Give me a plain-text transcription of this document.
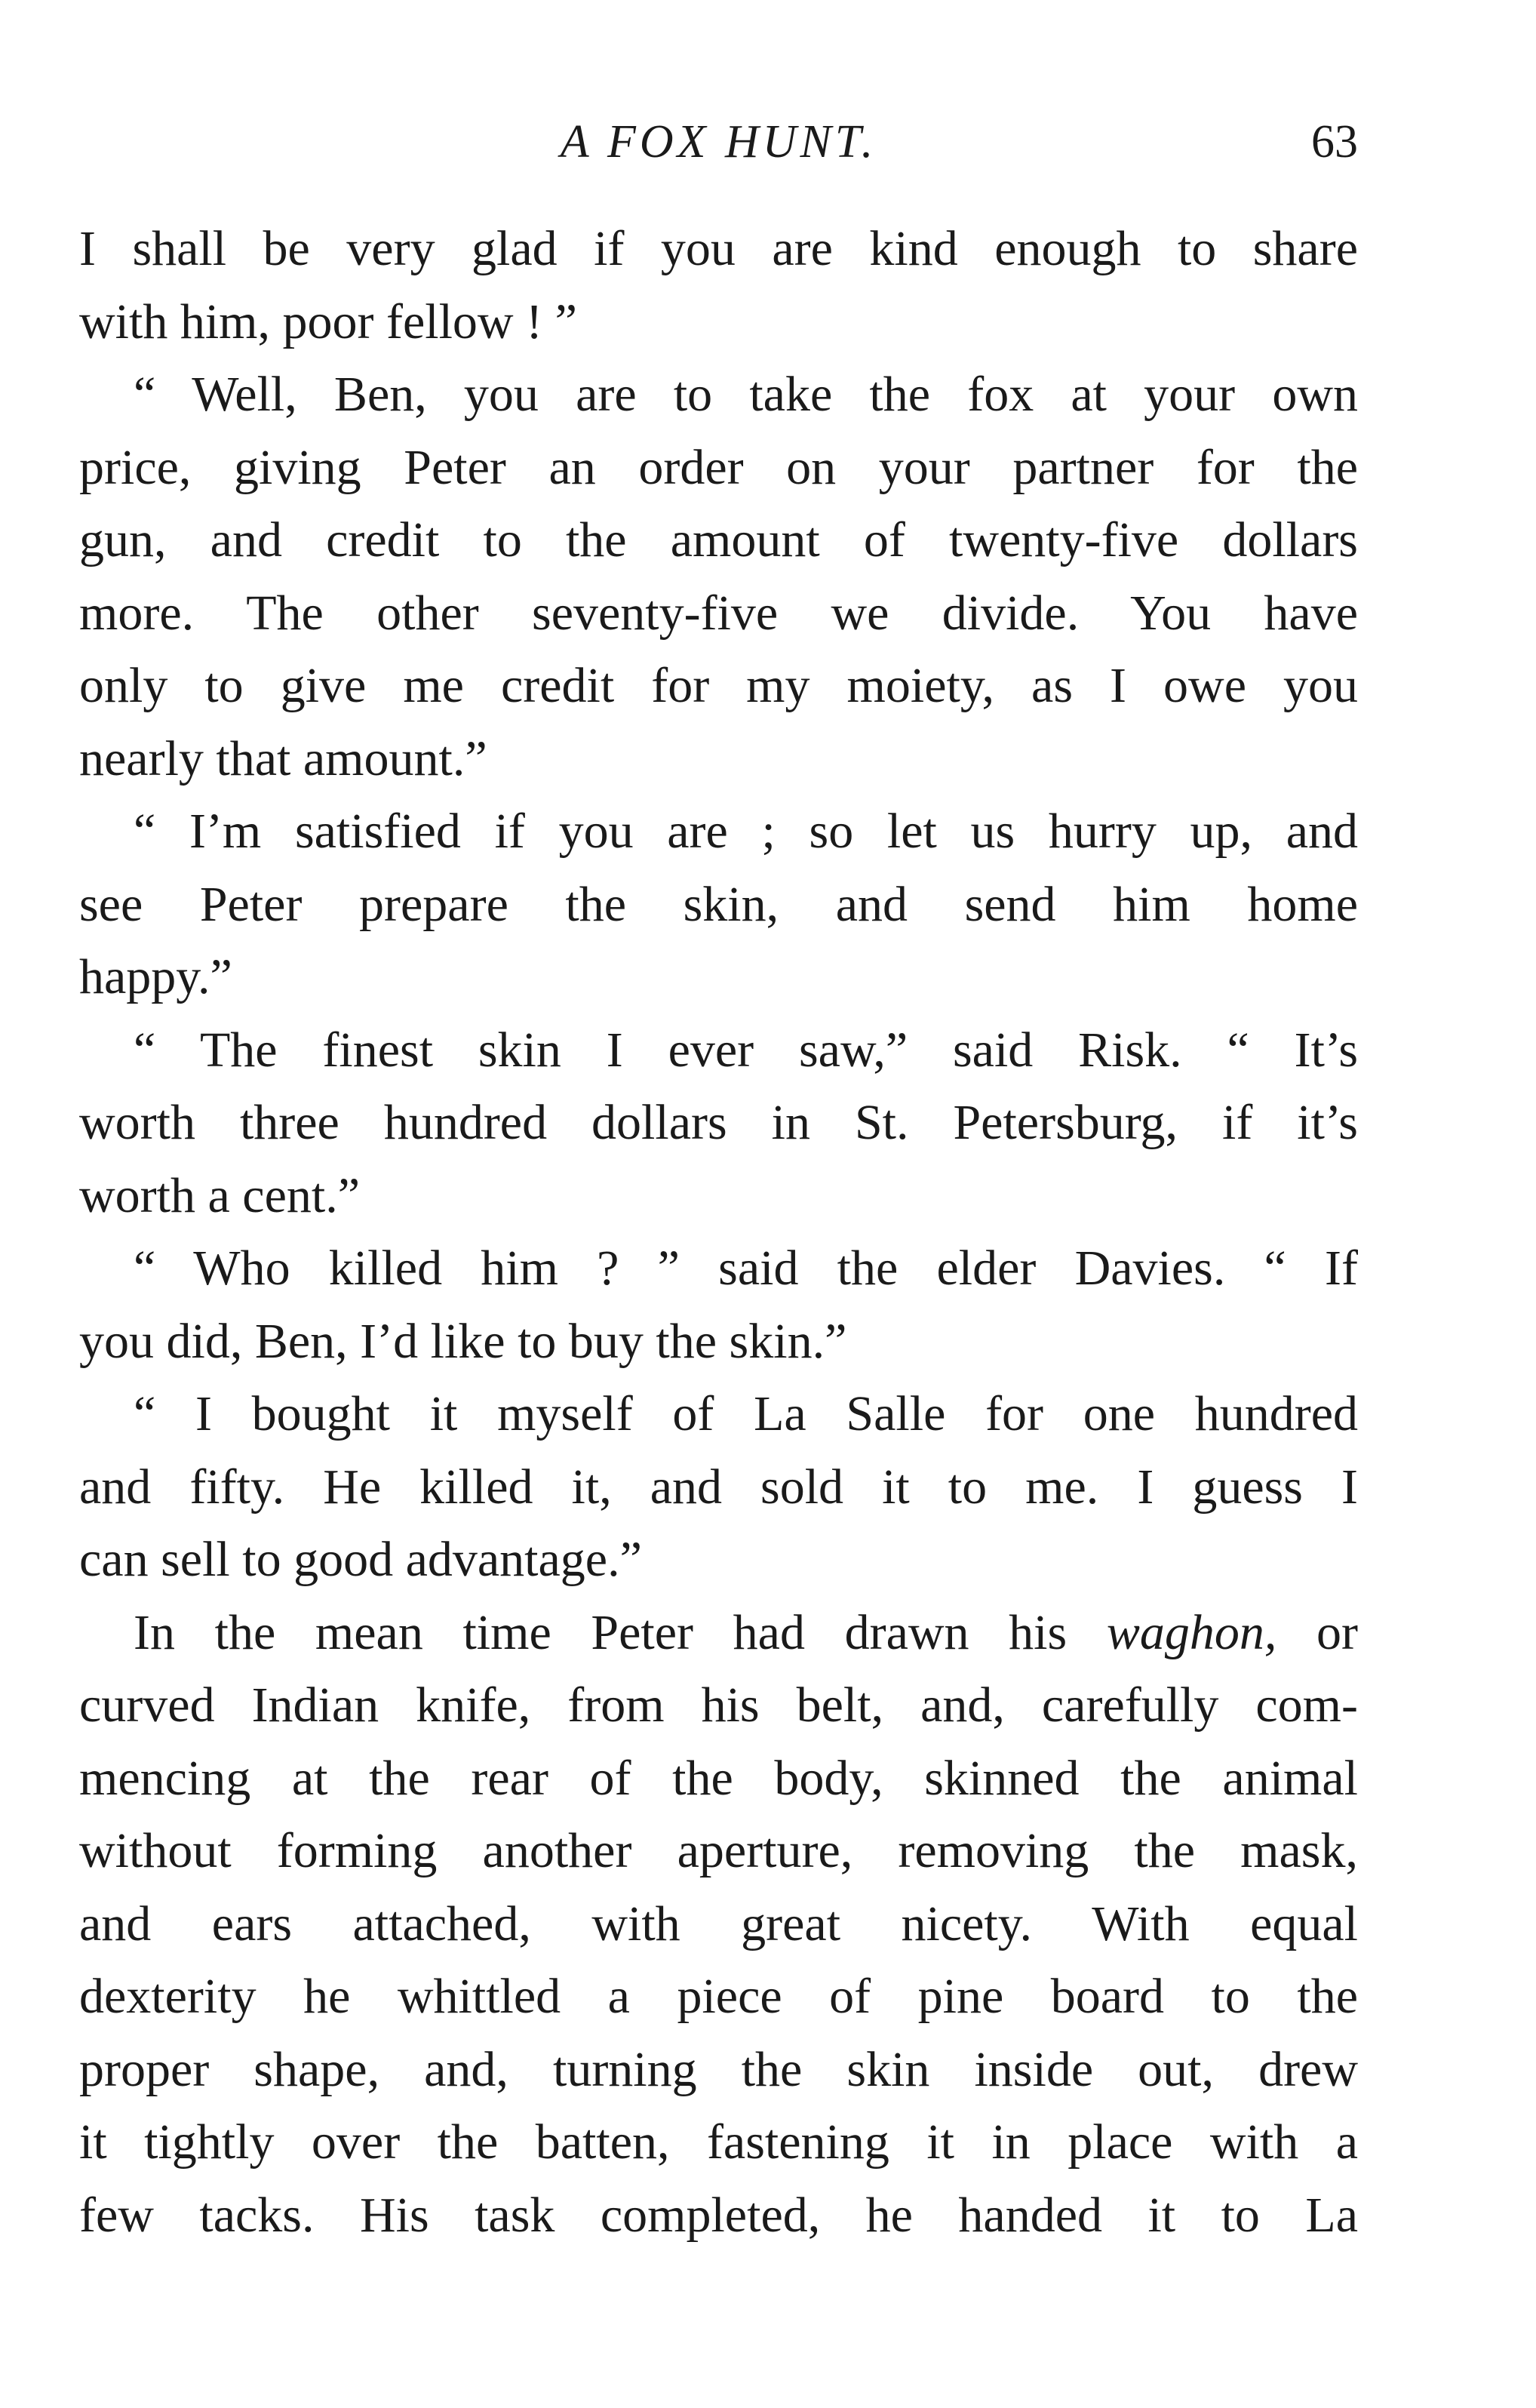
A FOX HUNT.	63
I shall be very glad if you are kind enough to share
with him, poor fellow ! ”
“ Well, Ben, you are to take the fox at your own
price, giving Peter an order on your partner for the
gun, and credit to the amount of twenty-five dollars
more. The other seventy-five we divide. You have
only to give me credit for my moiety, as I owe you
nearly that amount.”
“ I’m satisfied if you are ; so let us hurry up, and
see Peter prepare the skin, and send him home
happy.”
“ The finest skin I ever saw,” said Risk. “ It’s
worth three hundred dollars in St. Petersburg, if it’s
worth a cent.”
“ Who killed him ? ” said the elder Davies. “ If
you did, Ben, I’d like to buy the skin.”
“ I bought it myself of La Salle for one hundred
and fifty. He killed it, and sold it to me. I guess I
can sell to good advantage.”
In the mean time Peter had drawn his waghon, or
curved Indian knife, from his belt, and, carefully com-
mencing at the rear of the body, skinned the animal
without forming another aperture, removing the mask,
and ears attached, with great nicety. With equal
dexterity he whittled a piece of pine board to the
proper shape, and, turning the skin inside out, drew
it tightly over the batten, fastening it in place with a
few tacks. His task completed, he handed it to La
